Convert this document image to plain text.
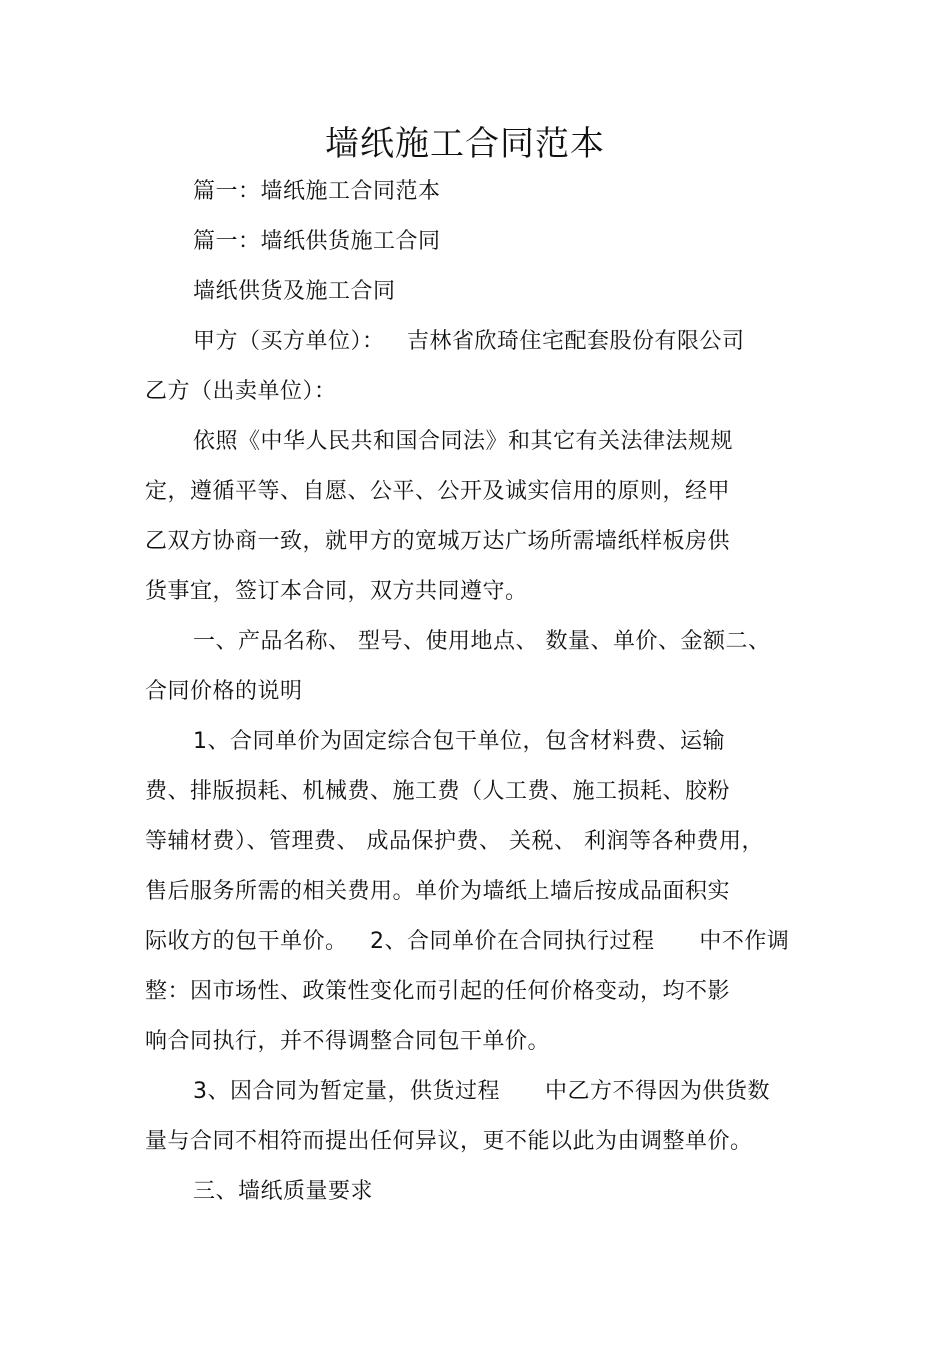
墙纸施工合同范本
篇一：墙纸施工合同范本
篇一：墙纸供货施工合同
墙纸供货及施工合同
甲方（买方单位）：   吉林省欣琦住宅配套股份有限公司
乙方（出卖单位）：
依照《中华人民共和国合同法》和其它有关法律法规规
定，遵循平等、自愿、公平、公开及诚实信用的原则，经甲
乙双方协商一致，就甲方的宽城万达广场所需墙纸样板房供
货事宜，签订本合同，双方共同遵守。
一、产品名称、 型号、使用地点、 数量、单价、金额二、
合同价格的说明
1、合同单价为固定综合包干单位，包含材料费、运输
费、排版损耗、机械费、施工费（人工费、施工损耗、胶粉
等辅材费）、管理费、 成品保护费、 关税、 利润等各种费用，
售后服务所需的相关费用。单价为墙纸上墙后按成品面积实
际收方的包干单价。   2、合同单价在合同执行过程      中不作调
整：因市场性、政策性变化而引起的任何价格变动，均不影
响合同执行，并不得调整合同包干单价。
3、因合同为暂定量，供货过程      中乙方不得因为供货数
量与合同不相符而提出任何异议，更不能以此为由调整单价。
三、墙纸质量要求
